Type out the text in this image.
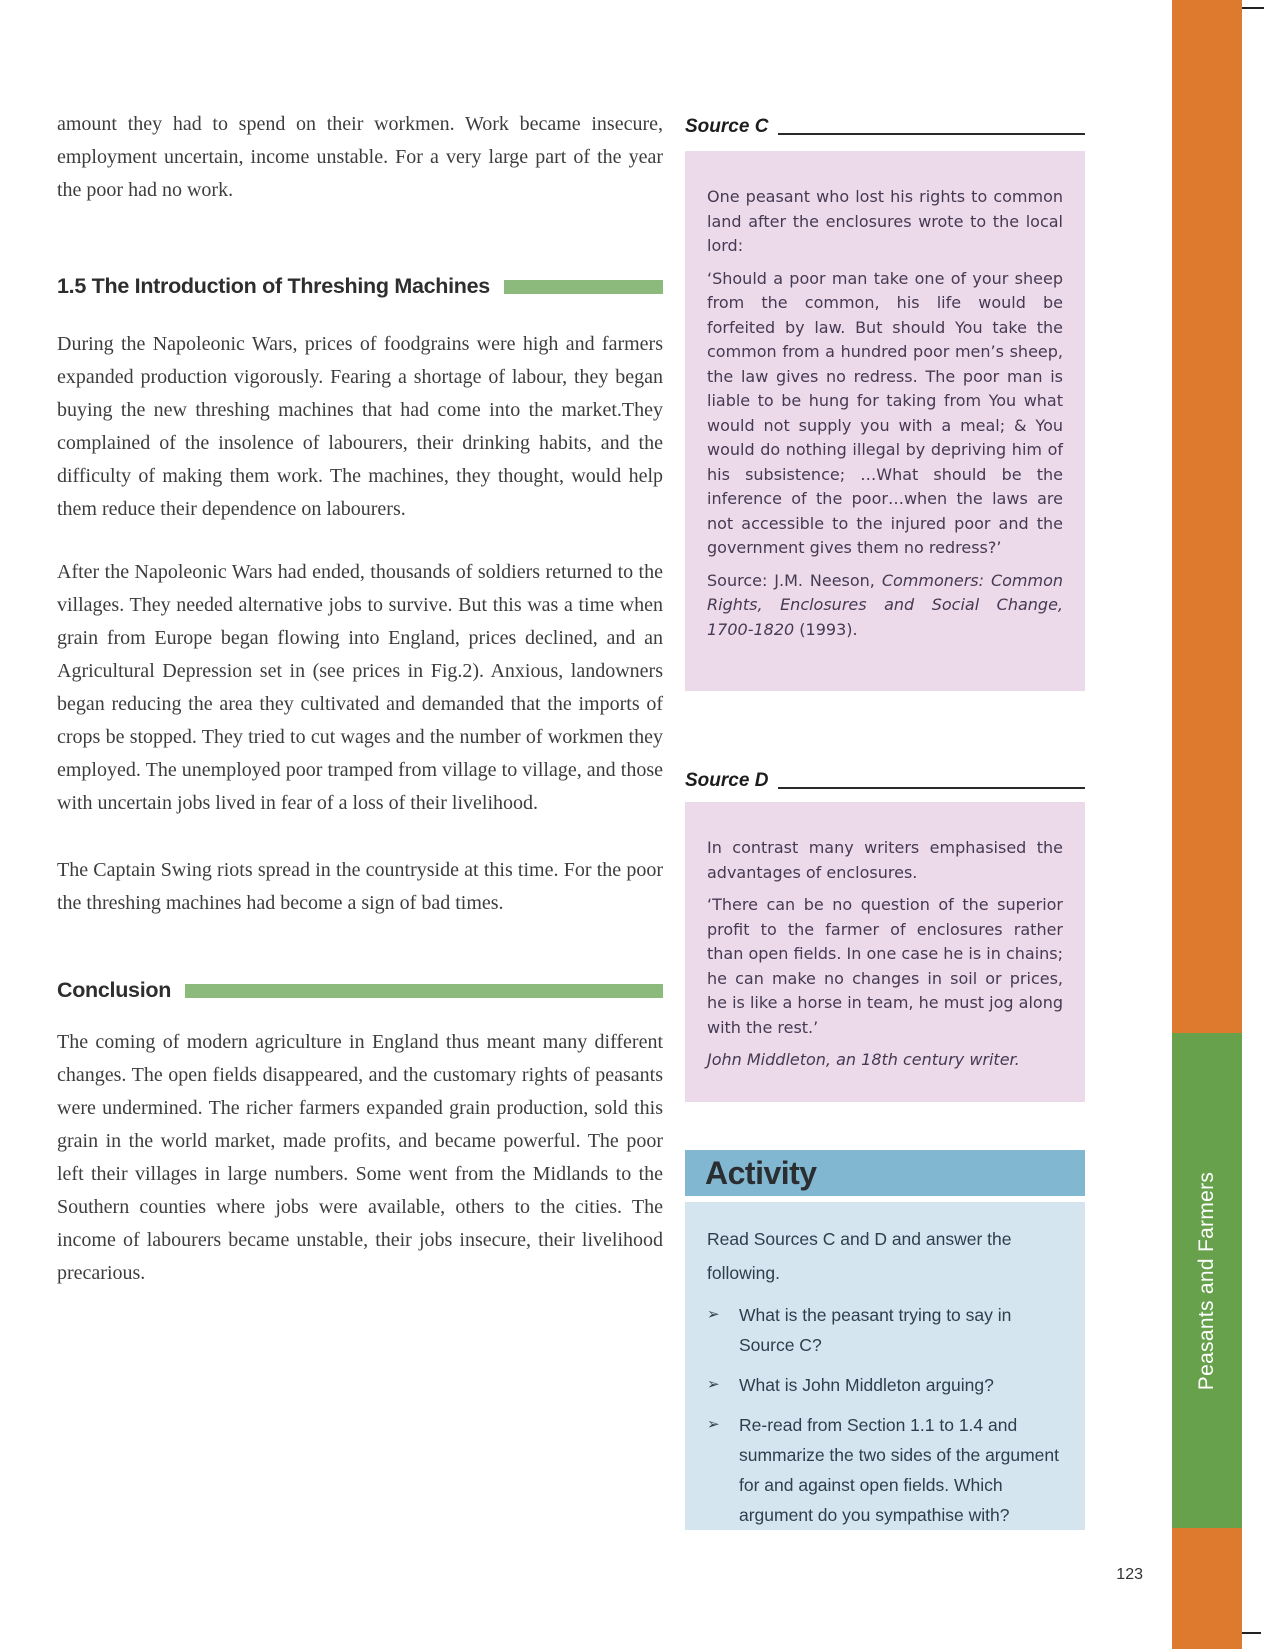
amount they had to spend on their workmen. Work became insecure, employment uncertain, income unstable. For a very large part of the year the poor had no work.

1.5 The Introduction of Threshing Machines

During the Napoleonic Wars, prices of foodgrains were high and farmers expanded production vigorously. Fearing a shortage of labour, they began buying the new threshing machines that had come into the market.They complained of the insolence of labourers, their drinking habits, and the difficulty of making them work. The machines, they thought, would help them reduce their dependence on labourers.

After the Napoleonic Wars had ended, thousands of soldiers returned to the villages. They needed alternative jobs to survive. But this was a time when grain from Europe began flowing into England, prices declined, and an Agricultural Depression set in (see prices in Fig.2). Anxious, landowners began reducing the area they cultivated and demanded that the imports of crops be stopped. They tried to cut wages and the number of workmen they employed. The unemployed poor tramped from village to village, and those with uncertain jobs lived in fear of a loss of their livelihood.

The Captain Swing riots spread in the countryside at this time. For the poor the threshing machines had become a sign of bad times.

Conclusion

The coming of modern agriculture in England thus meant many different changes. The open fields disappeared, and the customary rights of peasants were undermined. The richer farmers expanded grain production, sold this grain in the world market, made profits, and became powerful. The poor left their villages in large numbers. Some went from the Midlands to the Southern counties where jobs were available, others to the cities. The income of labourers became unstable, their jobs insecure, their livelihood precarious.

Source C

One peasant who lost his rights to common land after the enclosures wrote to the local lord:

‘Should a poor man take one of your sheep from the common, his life would be forfeited by law. But should You take the common from a hundred poor men’s sheep, the law gives no redress. The poor man is liable to be hung for taking from You what would not supply you with a meal; & You would do nothing illegal by depriving him of his subsistence; …What should be the inference of the poor…when the laws are not accessible to the injured poor and the government gives them no redress?’

Source: J.M. Neeson, Commoners: Common Rights, Enclosures and Social Change, 1700-1820 (1993).

Source D

In contrast many writers emphasised the advantages of enclosures.

‘There can be no question of the superior profit to the farmer of enclosures rather than open fields. In one case he is in chains; he can make no changes in soil or prices, he is like a horse in team, he must jog along with the rest.’

John Middleton, an 18th century writer.

Activity

Read Sources C and D and answer the following.

➢	What is the peasant trying to say in Source C?
➢	What is John Middleton arguing?
➢	Re-read from Section 1.1 to 1.4 and summarize the two sides of the argument for and against open fields. Which argument do you sympathise with?
Peasants and Farmers
123
